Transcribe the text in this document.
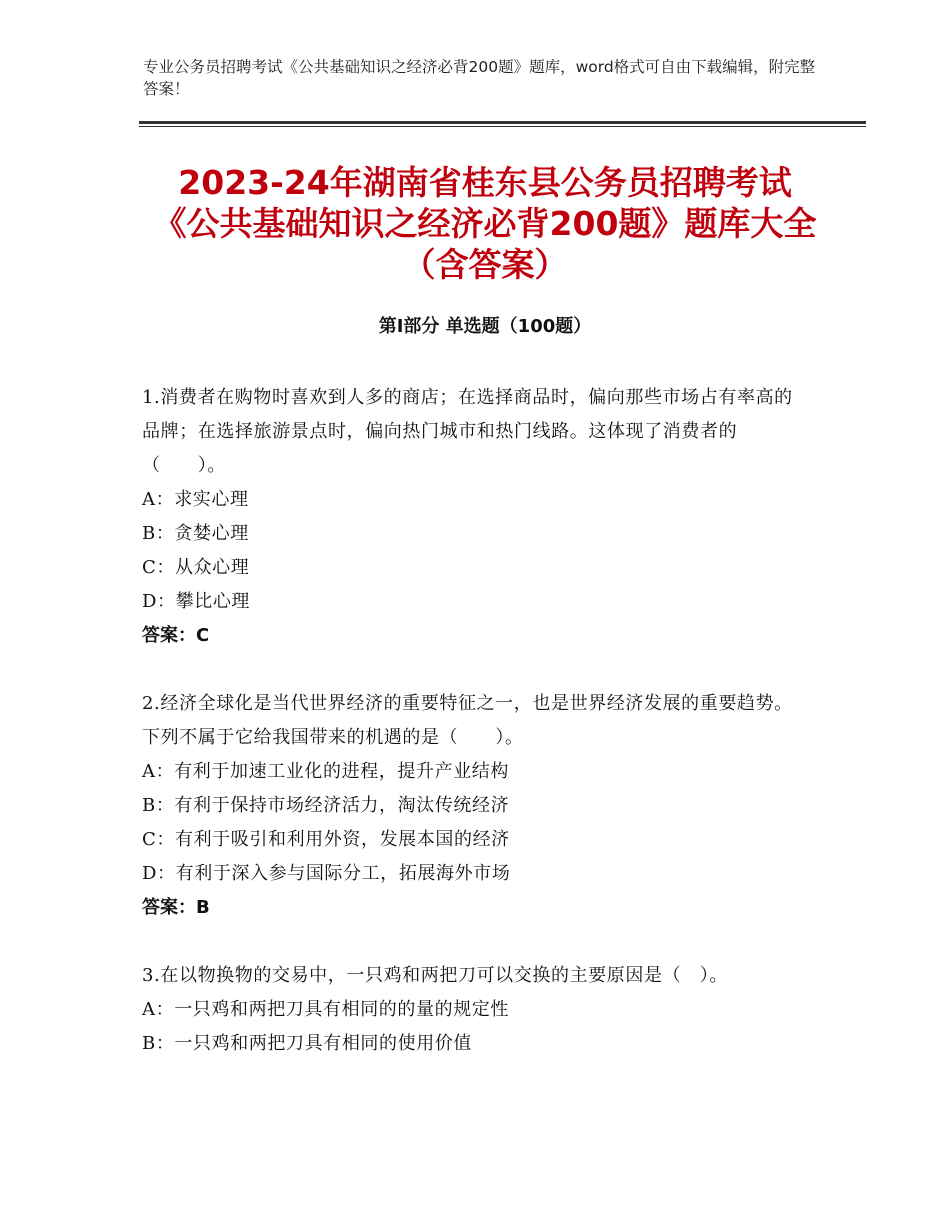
专业公务员招聘考试《公共基础知识之经济必背200题》题库，word格式可自由下载编辑，附完整答案！
2023-24年湖南省桂东县公务员招聘考试《公共基础知识之经济必背200题》题库大全（含答案）
第Ⅰ部分 单选题（100题）

1.消费者在购物时喜欢到人多的商店；在选择商品时，偏向那些市场占有率高的品牌；在选择旅游景点时，偏向热门城市和热门线路。这体现了消费者的（　　）。

A：求实心理

B：贪婪心理

C：从众心理

D：攀比心理

答案：C

2.经济全球化是当代世界经济的重要特征之一，也是世界经济发展的重要趋势。下列不属于它给我国带来的机遇的是（　　）。

A：有利于加速工业化的进程，提升产业结构

B：有利于保持市场经济活力，淘汰传统经济

C：有利于吸引和利用外资，发展本国的经济

D：有利于深入参与国际分工，拓展海外市场

答案：B

3.在以物换物的交易中，一只鸡和两把刀可以交换的主要原因是（　）。

A：一只鸡和两把刀具有相同的的量的规定性

B：一只鸡和两把刀具有相同的使用价值
